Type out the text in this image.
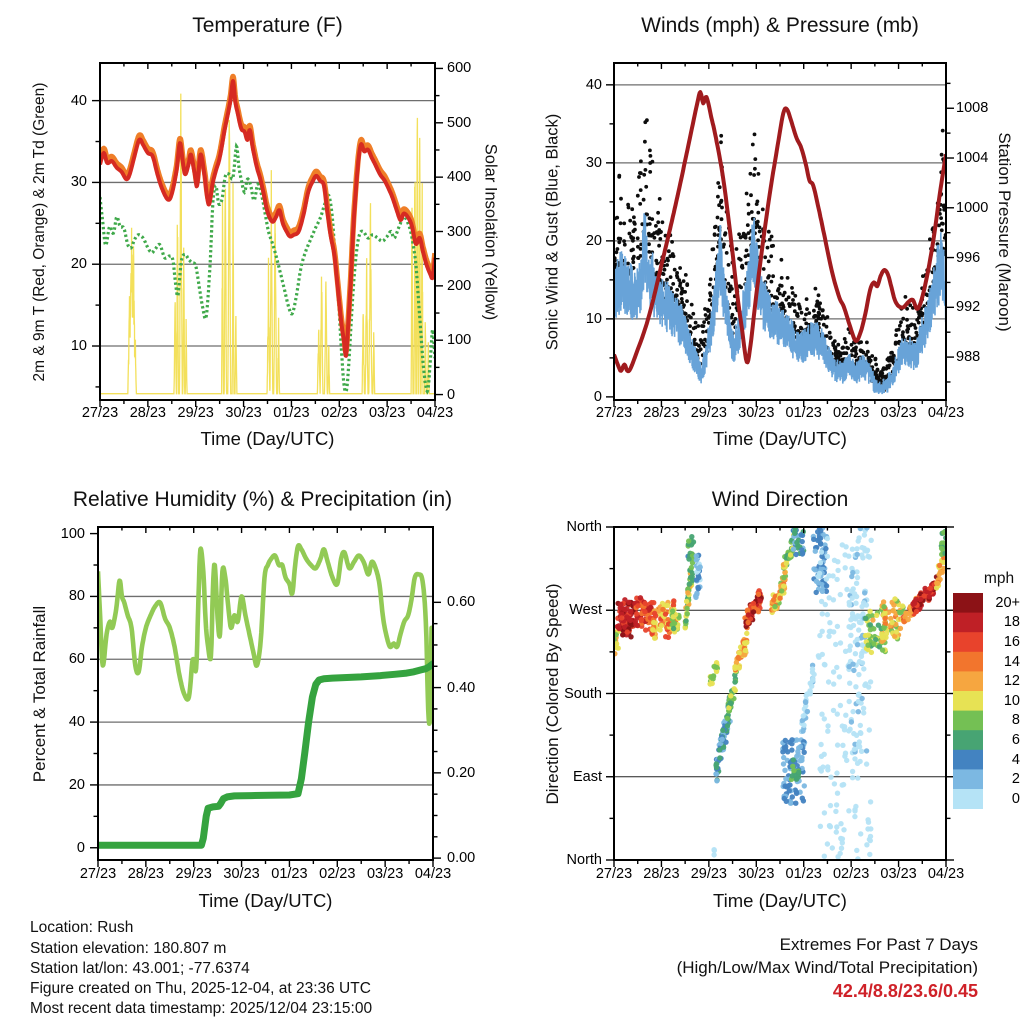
27/23 28/23 29/23 30/23 01/23 02/23 03/23 04/23
10
20
30
40
0
100
200
300
400
500
600
27/23 28/23 29/23 30/23 01/23 02/23 03/23 04/23
0
10
20
30
40
988
992
996
1000
1004
1008
27/23 28/23 29/23 30/23 01/23 02/23 03/23 04/23
0
20
40
60
80
100
0.00
0.20
0.40
0.60
27/23 28/23 29/23 30/23 01/23 02/23 03/23 04/23
North
West
South
East
North
20+
18
16
14
12
10
8
6
4
2
0
Temperature (F)	Winds (mph) & Pressure (mb)
Relative Humidity (%) & Precipitation (in)	Wind Direction
Time (Day/UTC)	Time (Day/UTC)
Time (Day/UTC)	Time (Day/UTC)
2m & 9m T (Red, Orange) & 2m Td (Green)	Solar Insolation (Yellow)	Sonic Wind & Gust (Blue, Black)	Station Pressure (Maroon)
Percent & Total Rainfall	Direction (Colored By Speed)
mph
Location: Rush
Station elevation: 180.807 m
Station lat/lon: 43.001; -77.6374
Figure created on Thu, 2025-12-04, at 23:36 UTC
Most recent data timestamp: 2025/12/04 23:15:00
Extremes For Past 7 Days
(High/Low/Max Wind/Total Precipitation)
42.4/8.8/23.6/0.45
